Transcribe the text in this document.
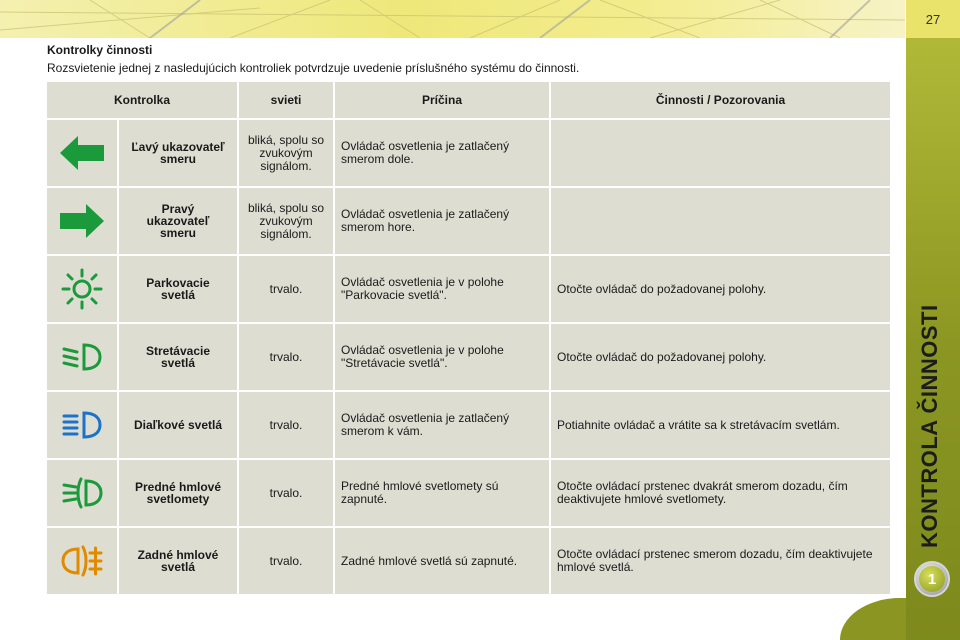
27
KONTROLA ČINNOSTI
1
Kontrolky činnosti
Rozsvietenie jednej z nasledujúcich kontroliek potvrdzuje uvedenie príslušného systému do činnosti.
Kontrolka		svieti	Príčina	Činnosti / Pozorovania
	Ľavý ukazovateľ smeru	bliká, spolu so zvukovým signálom.	Ovládač osvetlenia je zatlačený smerom dole.	
	Pravý ukazovateľ smeru	bliká, spolu so zvukovým signálom.	Ovládač osvetlenia je zatlačený smerom hore.	
	Parkovacie svetlá	trvalo.	Ovládač osvetlenia je v polohe "Parkovacie svetlá".	Otočte ovládač do požadovanej polohy.
	Stretávacie svetlá	trvalo.	Ovládač osvetlenia je v polohe "Stretávacie svetlá".	Otočte ovládač do požadovanej polohy.
	Diaľkové svetlá	trvalo.	Ovládač osvetlenia je zatlačený smerom k vám.	Potiahnite ovládač a vrátite sa k stretávacím svetlám.
	Predné hmlové svetlomety	trvalo.	Predné hmlové svetlomety sú zapnuté.	Otočte ovládací prstenec dvakrát smerom dozadu, čím deaktivujete hmlové svetlomety.
	Zadné hmlové svetlá	trvalo.	Zadné hmlové svetlá sú zapnuté.	Otočte ovládací prstenec smerom dozadu, čím deaktivujete hmlové svetlá.
